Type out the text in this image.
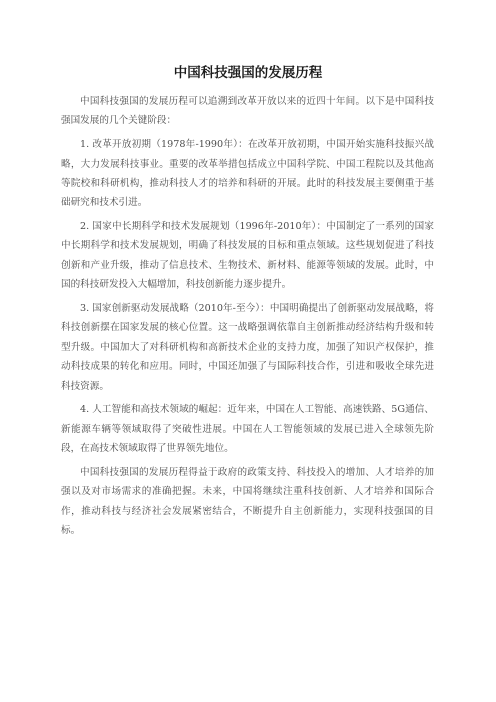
中国科技强国的发展历程

中国科技强国的发展历程可以追溯到改革开放以来的近四十年间。以下是中国科技强国发展的几个关键阶段：

1. 改革开放初期（1978年-1990年）：在改革开放初期，中国开始实施科技振兴战略，大力发展科技事业。重要的改革举措包括成立中国科学院、中国工程院以及其他高等院校和科研机构，推动科技人才的培养和科研的开展。此时的科技发展主要侧重于基础研究和技术引进。

2. 国家中长期科学和技术发展规划（1996年-2010年）：中国制定了一系列的国家中长期科学和技术发展规划，明确了科技发展的目标和重点领域。这些规划促进了科技创新和产业升级，推动了信息技术、生物技术、新材料、能源等领域的发展。此时，中国的科技研发投入大幅增加，科技创新能力逐步提升。

3. 国家创新驱动发展战略（2010年-至今）：中国明确提出了创新驱动发展战略，将科技创新摆在国家发展的核心位置。这一战略强调依靠自主创新推动经济结构升级和转型升级。中国加大了对科研机构和高新技术企业的支持力度，加强了知识产权保护，推动科技成果的转化和应用。同时，中国还加强了与国际科技合作，引进和吸收全球先进科技资源。

4. 人工智能和高技术领域的崛起：近年来，中国在人工智能、高速铁路、5G通信、新能源车辆等领域取得了突破性进展。中国在人工智能领域的发展已进入全球领先阶段，在高技术领域取得了世界领先地位。

中国科技强国的发展历程得益于政府的政策支持、科技投入的增加、人才培养的加强以及对市场需求的准确把握。未来，中国将继续注重科技创新、人才培养和国际合作，推动科技与经济社会发展紧密结合，不断提升自主创新能力，实现科技强国的目标。
